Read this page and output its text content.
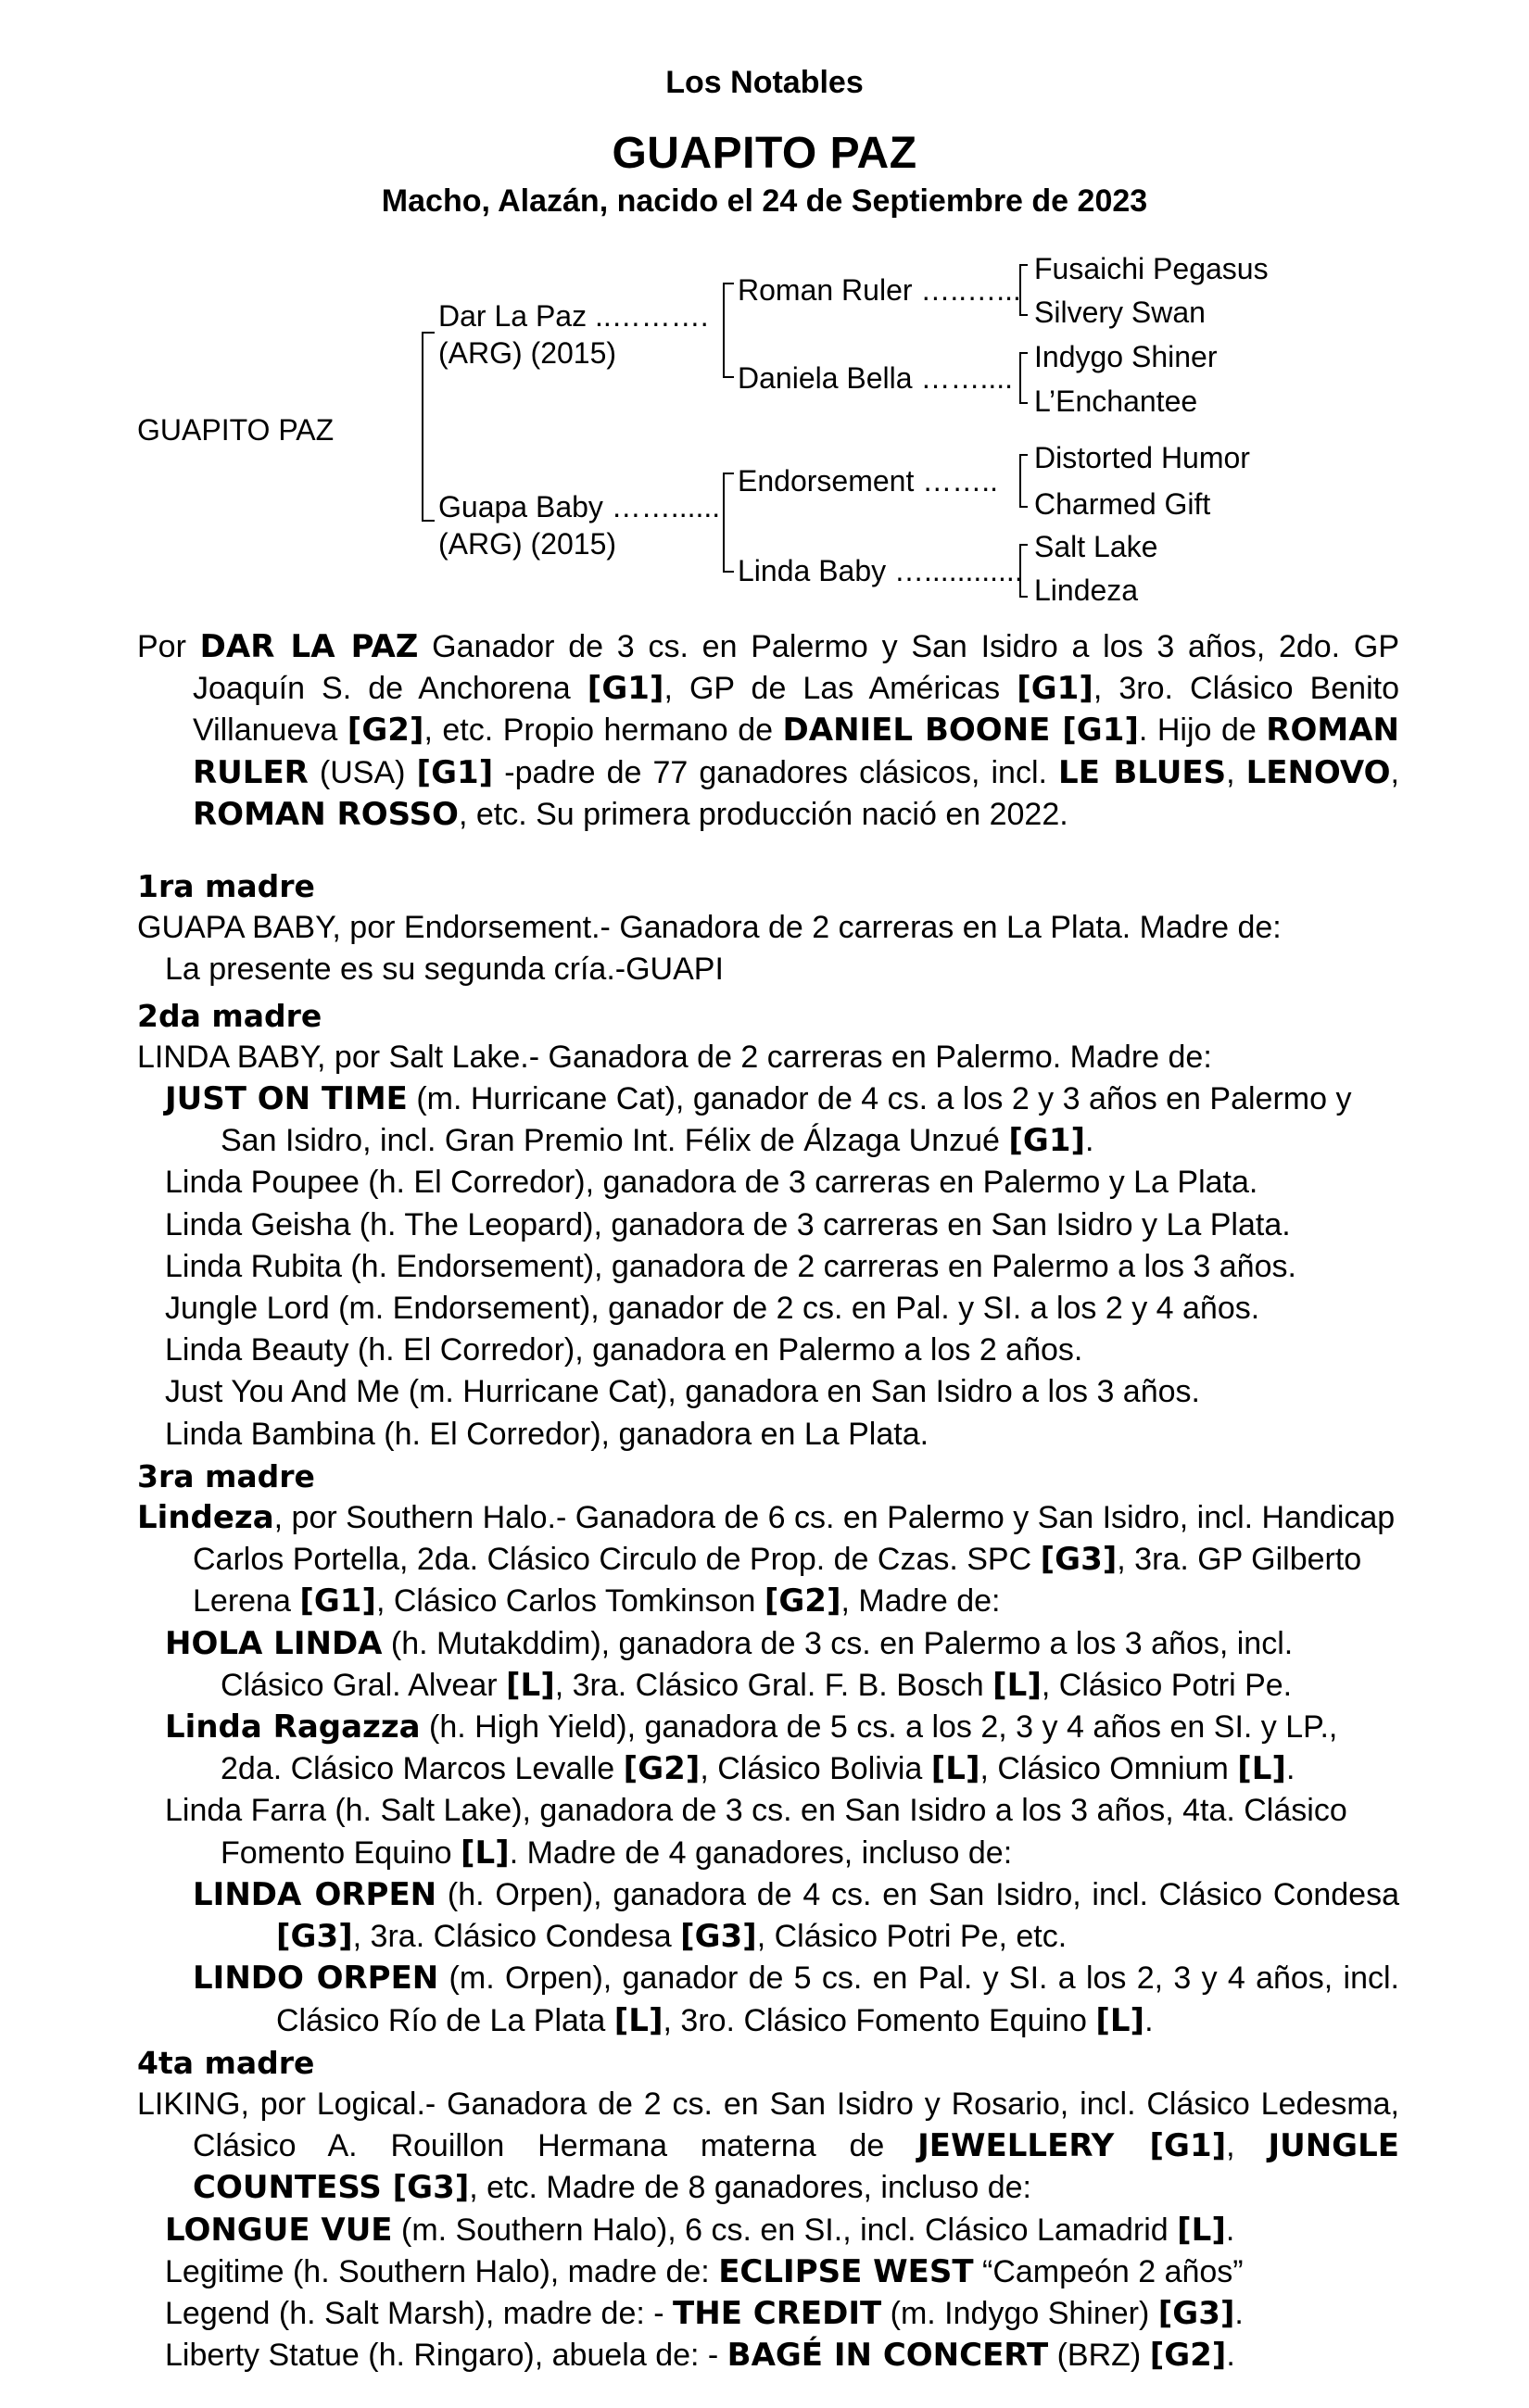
Los Notables
GUAPITO PAZ
Macho, Alazán, nacido el 24 de Septiembre de 2023
GUAPITO PAZ
Dar La Paz ..……….
(ARG) (2015)
Guapa Baby ……......
(ARG) (2015)
Roman Ruler …..…...
Daniela Bella ……....
Endorsement ……..
Linda Baby …............
Fusaichi Pegasus
Silvery Swan
Indygo Shiner
L’Enchantee
Distorted Humor
Charmed Gift
Salt Lake
Lindeza

Por DAR LA PAZ Ganador de 3 cs. en Palermo y San Isidro a los 3 años, 2do. GP Joaquín S. de Anchorena [G1], GP de Las Américas [G1], 3ro. Clásico Benito Villanueva [G2], etc. Propio hermano de DANIEL BOONE [G1]. Hijo de ROMAN RULER (USA) [G1] -padre de 77 ganadores clásicos, incl. LE BLUES, LENOVO, ROMAN ROSSO, etc. Su primera producción nació en 2022.

1ra madre

GUAPA BABY, por Endorsement.- Ganadora de 2 carreras en La Plata. Madre de:

La presente es su segunda cría.-GUAPI

2da madre

LINDA BABY, por Salt Lake.- Ganadora de 2 carreras en Palermo. Madre de:

JUST ON TIME (m. Hurricane Cat), ganador de 4 cs. a los 2 y 3 años en Palermo y San Isidro, incl. Gran Premio Int. Félix de Álzaga Unzué [G1].

Linda Poupee (h. El Corredor), ganadora de 3 carreras en Palermo y La Plata.

Linda Geisha (h. The Leopard), ganadora de 3 carreras en San Isidro y La Plata.

Linda Rubita (h. Endorsement), ganadora de 2 carreras en Palermo a los 3 años.

Jungle Lord (m. Endorsement), ganador de 2 cs. en Pal. y SI. a los 2 y 4 años.

Linda Beauty (h. El Corredor), ganadora en Palermo a los 2 años.

Just You And Me (m. Hurricane Cat), ganadora en San Isidro a los 3 años.

Linda Bambina (h. El Corredor), ganadora en La Plata.

3ra madre

Lindeza, por Southern Halo.- Ganadora de 6 cs. en Palermo y San Isidro, incl. Handicap Carlos Portella, 2da. Clásico Circulo de Prop. de Czas. SPC [G3], 3ra. GP Gilberto Lerena [G1], Clásico Carlos Tomkinson [G2], Madre de:

HOLA LINDA (h. Mutakddim), ganadora de 3 cs. en Palermo a los 3 años, incl. Clásico Gral. Alvear [L], 3ra. Clásico Gral. F. B. Bosch [L], Clásico Potri Pe.

Linda Ragazza (h. High Yield), ganadora de 5 cs. a los 2, 3 y 4 años en SI. y LP., 2da. Clásico Marcos Levalle [G2], Clásico Bolivia [L], Clásico Omnium [L].

Linda Farra (h. Salt Lake), ganadora de 3 cs. en San Isidro a los 3 años, 4ta. Clásico Fomento Equino [L]. Madre de 4 ganadores, incluso de:

LINDA ORPEN (h. Orpen), ganadora de 4 cs. en San Isidro, incl. Clásico Condesa [G3], 3ra. Clásico Condesa [G3], Clásico Potri Pe, etc.

LINDO ORPEN (m. Orpen), ganador de 5 cs. en Pal. y SI. a los 2, 3 y 4 años, incl. Clásico Río de La Plata [L], 3ro. Clásico Fomento Equino [L].

4ta madre

LIKING, por Logical.- Ganadora de 2 cs. en San Isidro y Rosario, incl. Clásico Ledesma, Clásico A. Rouillon Hermana materna de JEWELLERY [G1], JUNGLE COUNTESS [G3], etc. Madre de 8 ganadores, incluso de:

LONGUE VUE (m. Southern Halo), 6 cs. en SI., incl. Clásico Lamadrid [L].

Legitime (h. Southern Halo), madre de: ECLIPSE WEST “Campeón 2 años”

Legend (h. Salt Marsh), madre de: - THE CREDIT (m. Indygo Shiner) [G3].

Liberty Statue (h. Ringaro), abuela de: - BAGÉ IN CONCERT (BRZ) [G2].
